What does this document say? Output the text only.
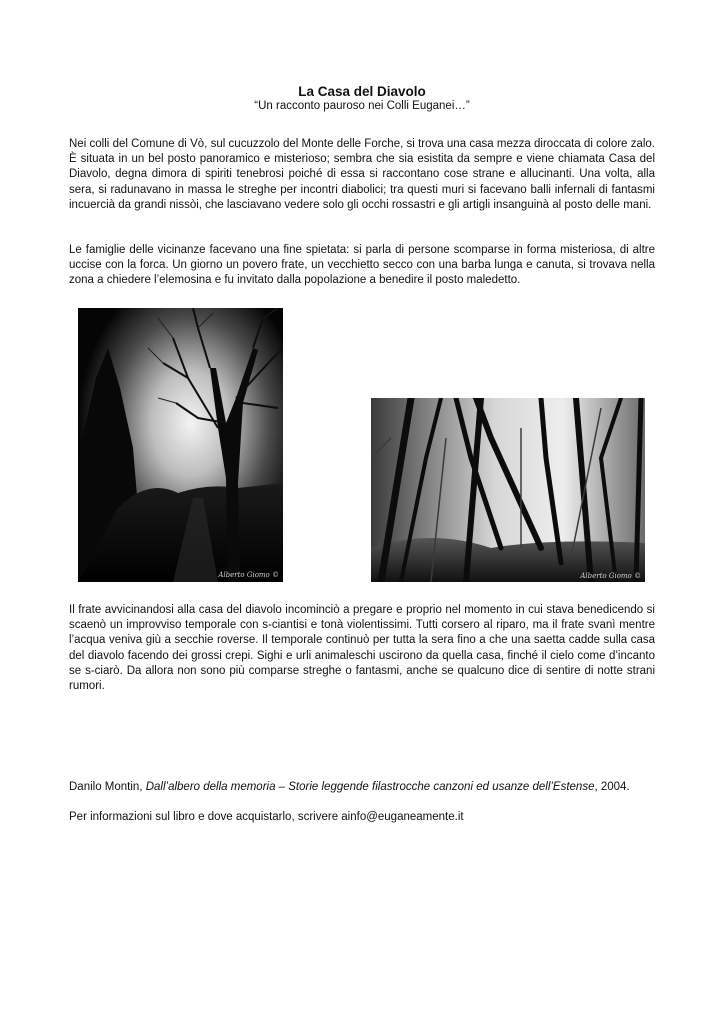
La Casa del Diavolo
“Un racconto pauroso nei Colli Euganei…”

Nei colli del Comune di Vò, sul cucuzzolo del Monte delle Forche, si trova una casa mezza diroccata di colore zalo. È situata in un bel posto panoramico e misterioso; sembra che sia esistita da sempre e viene chiamata Casa del Diavolo, degna dimora di spiriti tenebrosi poiché di essa si raccontano cose strane e allucinanti. Una volta, alla sera, si radunavano in massa le streghe per incontri diabolici; tra questi muri si facevano balli infernali di fantasmi incuercià da grandi nissòi, che lasciavano vedere solo gli occhi rossastri e gli artigli insanguinà al posto delle mani.

Le famiglie delle vicinanze facevano una fine spietata: si parla di persone scomparse in forma misteriosa, di altre uccise con la forca. Un giorno un povero frate, un vecchietto secco con una barba lunga e canuta, si trovava nella zona a chiedere l’elemosina e fu invitato dalla popolazione a benedire il posto maledetto.

Alberto Giomo ©	Alberto Giomo ©

Il frate avvicinandosi alla casa del diavolo incominciò a pregare e proprio nel momento in cui stava benedicendo si scaenò un improvviso temporale con s-ciantisi e tonà violentissimi. Tutti corsero al riparo, ma il frate svanì mentre l’acqua veniva giù a secchie roverse. Il temporale continuò per tutta la sera fino a che una saetta cadde sulla casa del diavolo facendo dei grossi crepi. Sighi e urli animaleschi uscirono da quella casa, finché il cielo come d’incanto se s-ciarò. Da allora non sono più comparse streghe o fantasmi, anche se qualcuno dice di sentire di notte strani rumori.

Danilo Montin, Dall’albero della memoria – Storie leggende filastrocche canzoni ed usanze dell’Estense, 2004.

Per informazioni sul libro e dove acquistarlo, scrivere ainfo@euganeamente.it
